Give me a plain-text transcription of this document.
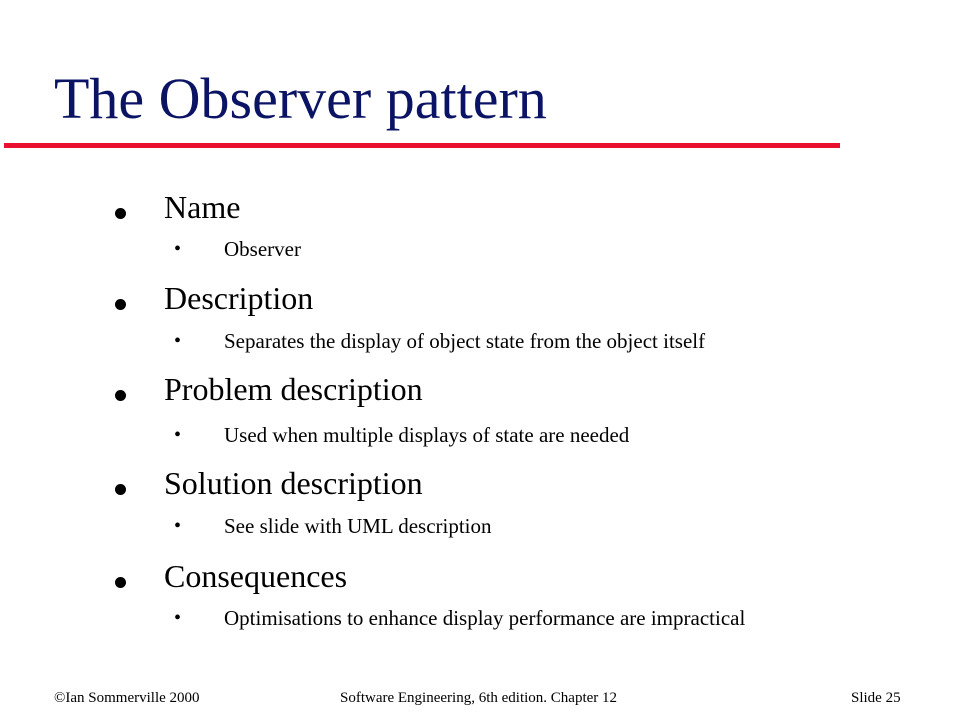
The Observer pattern
Name
• Observer
Description
• Separates the display of object state from the object itself
Problem description
• Used when multiple displays of state are needed
Solution description
• See slide with UML description
Consequences
• Optimisations to enhance display performance are impractical
©Ian Sommerville 2000	Software Engineering, 6th edition. Chapter 12	Slide 25
